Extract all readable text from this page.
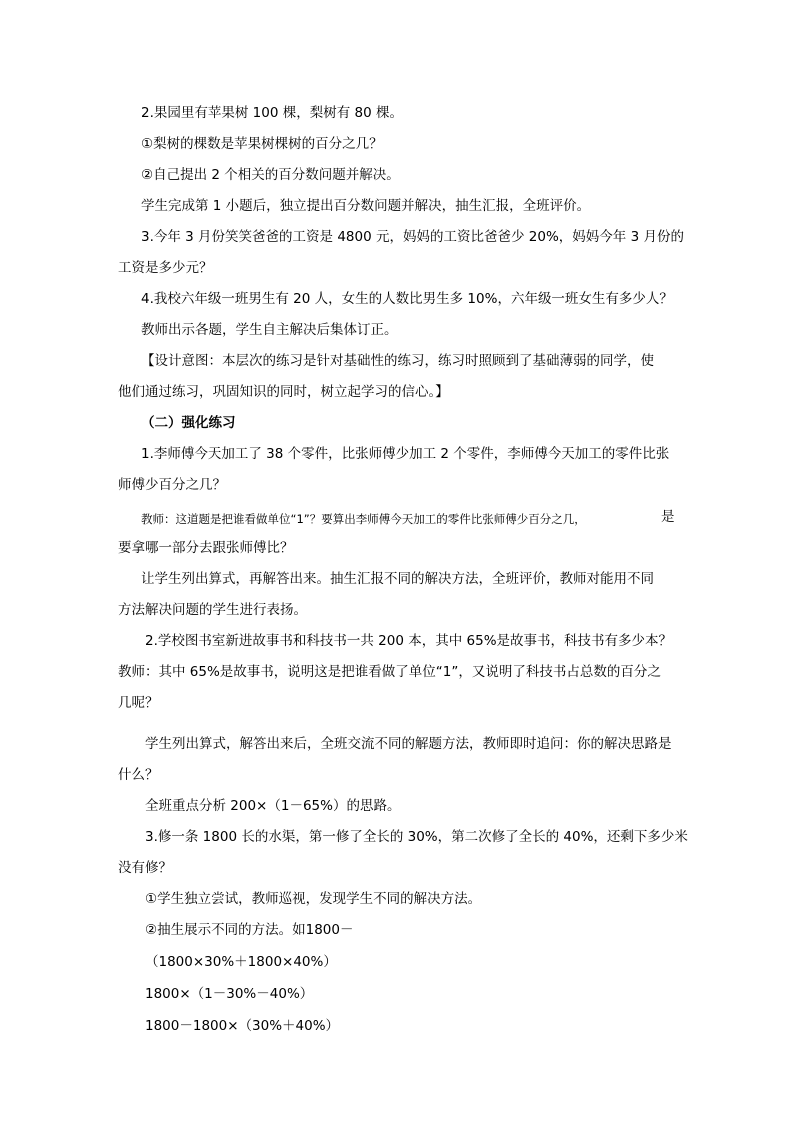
2.果园里有苹果树 100 棵，梨树有 80 棵。
①梨树的棵数是苹果树棵树的百分之几？
②自己提出 2 个相关的百分数问题并解决。
学生完成第 1 小题后，独立提出百分数问题并解决，抽生汇报，全班评价。
3.今年 3 月份笑笑爸爸的工资是 4800 元，妈妈的工资比爸爸少 20%，妈妈今年 3 月份的
工资是多少元？
4.我校六年级一班男生有 20 人，女生的人数比男生多 10%，六年级一班女生有多少人？
教师出示各题，学生自主解决后集体订正。
【设计意图：本层次的练习是针对基础性的练习，练习时照顾到了基础薄弱的同学，使
他们通过练习，巩固知识的同时，树立起学习的信心。】
（二）强化练习
1.李师傅今天加工了 38 个零件，比张师傅少加工 2 个零件，李师傅今天加工的零件比张
师傅少百分之几？
教师：这道题是把谁看做单位“1”？要算出李师傅今天加工的零件比张师傅少百分之几，	是
要拿哪一部分去跟张师傅比？
让学生列出算式，再解答出来。抽生汇报不同的解决方法，全班评价，教师对能用不同
方法解决问题的学生进行表扬。
2.学校图书室新进故事书和科技书一共 200 本，其中 65%是故事书，科技书有多少本？
教师：其中 65%是故事书，说明这是把谁看做了单位“1”，又说明了科技书占总数的百分之
几呢？
学生列出算式，解答出来后，全班交流不同的解题方法，教师即时追问：你的解决思路是
什么？
全班重点分析 200×（1－65%）的思路。
3.修一条 1800 长的水渠，第一修了全长的 30%，第二次修了全长的 40%，还剩下多少米
没有修？
①学生独立尝试，教师巡视，发现学生不同的解决方法。
②抽生展示不同的方法。如1800－
（1800×30%＋1800×40%）
1800×（1－30%－40%）
1800－1800×（30%＋40%）
